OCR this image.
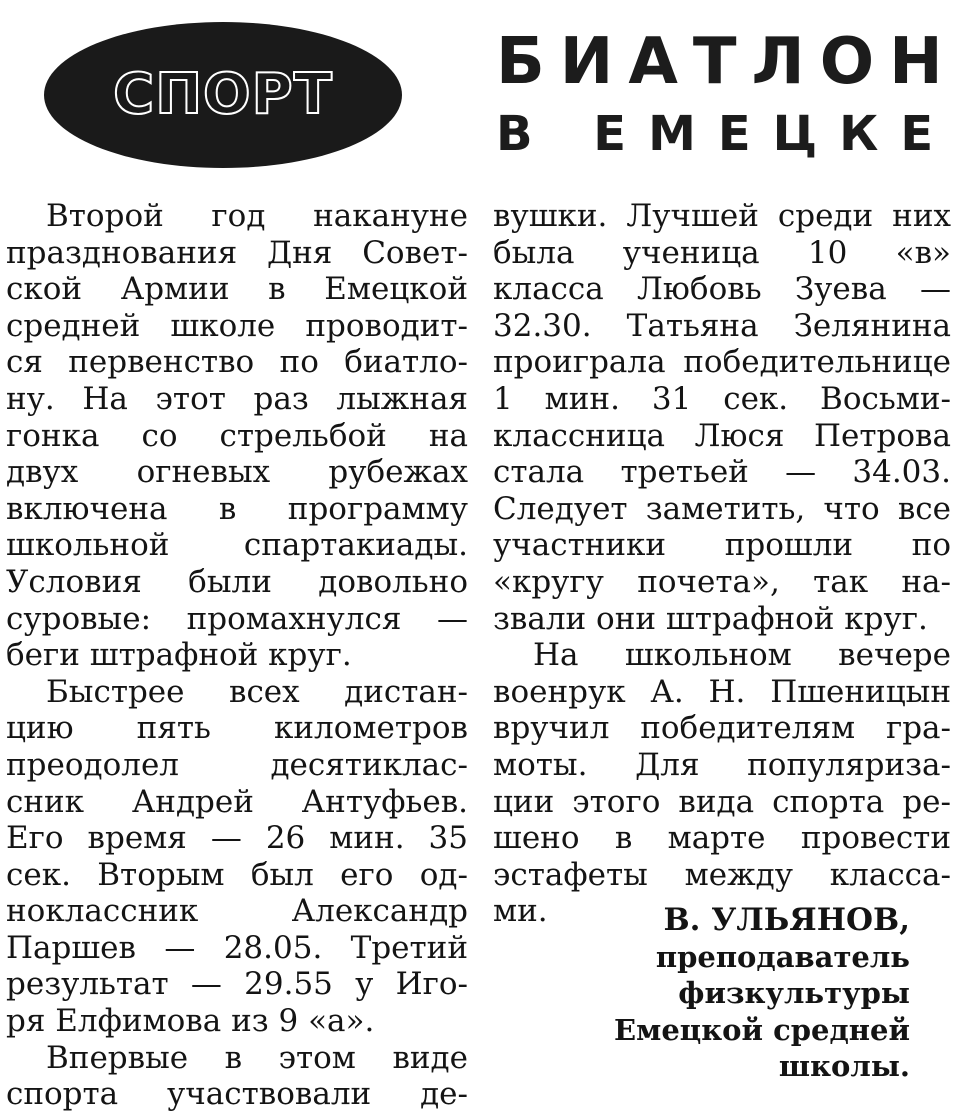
СПОРТ	БИАТЛОН
В ЕМЕЦКЕ
Второй год накануне
празднования Дня Совет-
ской Армии в Емецкой
средней школе проводит-
ся первенство по биатло-
ну. На этот раз лыжная
гонка со стрельбой на
двух огневых рубежах
включена в программу
школьной спартакиады.
Условия были довольно
суровые: промахнулся —
беги штрафной круг.
Быстрее всех дистан-
цию пять километров
преодолел десятиклас-
сник Андрей Антуфьев.
Его время — 26 мин. 35
сек. Вторым был его од-
ноклассник Александр
Паршев — 28.05. Третий
результат — 29.55 у Иго-
ря Елфимова из 9 «а».
Впервые в этом виде
спорта участвовали де-
вушки. Лучшей среди них
была ученица 10 «в»
класса Любовь Зуева —
32.30. Татьяна Зелянина
проиграла победительнице
1 мин. 31 сек. Восьми-
классница Люся Петрова
стала третьей — 34.03.
Следует заметить, что все
участники прошли по
«кругу почета», так на-
звали они штрафной круг.
На школьном вечере
военрук А. Н. Пшеницын
вручил победителям гра-
моты. Для популяриза-
ции этого вида спорта ре-
шено в марте провести
эстафеты между класса-
ми.	В. УЛЬЯНОВ,
преподаватель
физкультуры
Емецкой средней
школы.
